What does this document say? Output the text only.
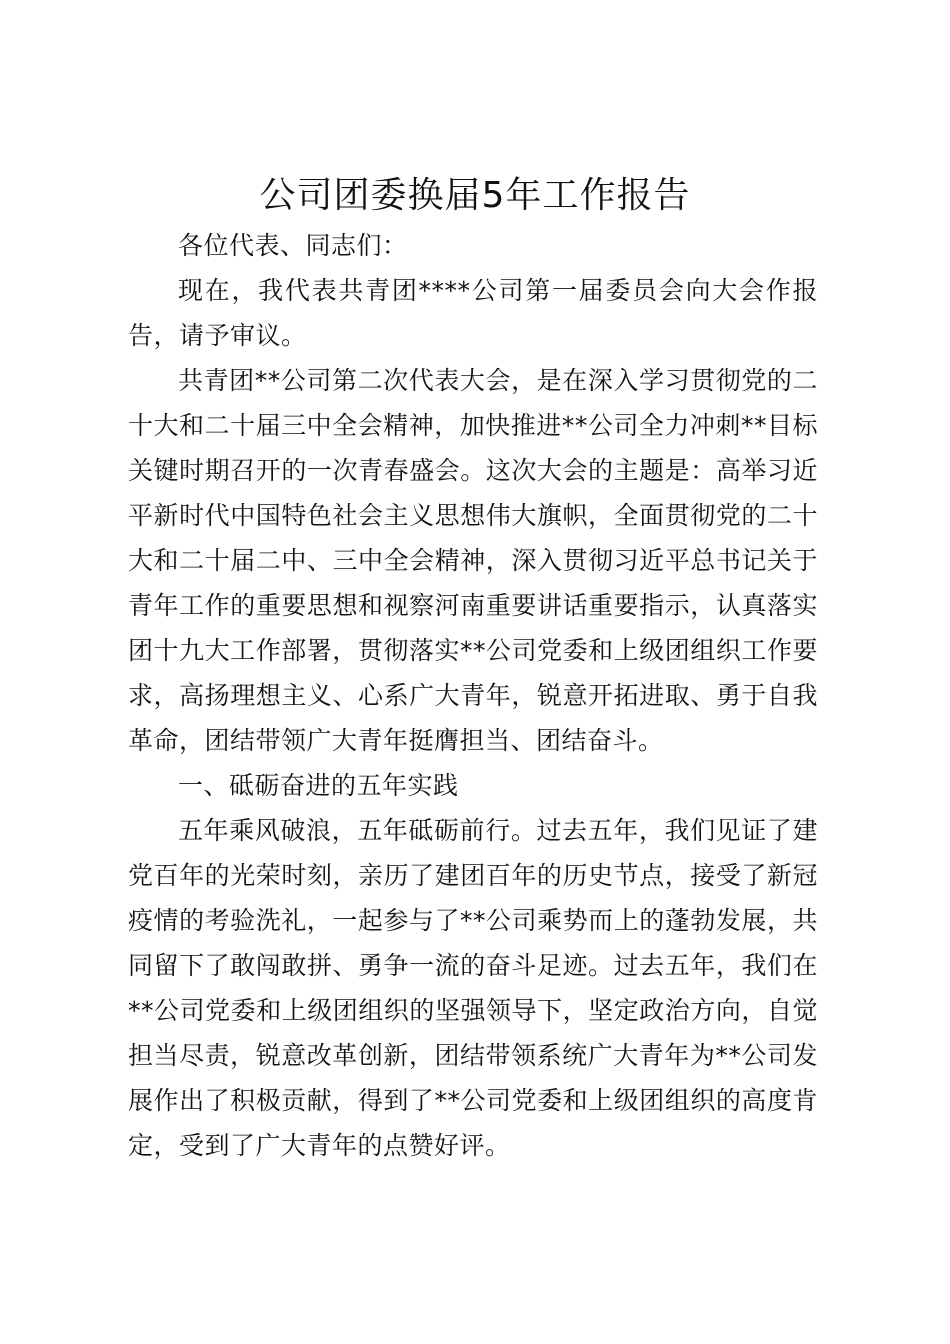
公司团委换届5年工作报告

各位代表、同志们：

现在，我代表共青团****公司第一届委员会向大会作报告，请予审议。

共青团**公司第二次代表大会，是在深入学习贯彻党的二十大和二十届三中全会精神，加快推进**公司全力冲刺**目标关键时期召开的一次青春盛会。这次大会的主题是：高举习近平新时代中国特色社会主义思想伟大旗帜，全面贯彻党的二十大和二十届二中、三中全会精神，深入贯彻习近平总书记关于青年工作的重要思想和视察河南重要讲话重要指示，认真落实团十九大工作部署，贯彻落实**公司党委和上级团组织工作要求，高扬理想主义、心系广大青年，锐意开拓进取、勇于自我革命，团结带领广大青年挺膺担当、团结奋斗。

一、砥砺奋进的五年实践

五年乘风破浪，五年砥砺前行。过去五年，我们见证了建党百年的光荣时刻，亲历了建团百年的历史节点，接受了新冠疫情的考验洗礼，一起参与了**公司乘势而上的蓬勃发展，共同留下了敢闯敢拼、勇争一流的奋斗足迹。过去五年，我们在**公司党委和上级团组织的坚强领导下，坚定政治方向，自觉担当尽责，锐意改革创新，团结带领系统广大青年为**公司发展作出了积极贡献，得到了**公司党委和上级团组织的高度肯定，受到了广大青年的点赞好评。
